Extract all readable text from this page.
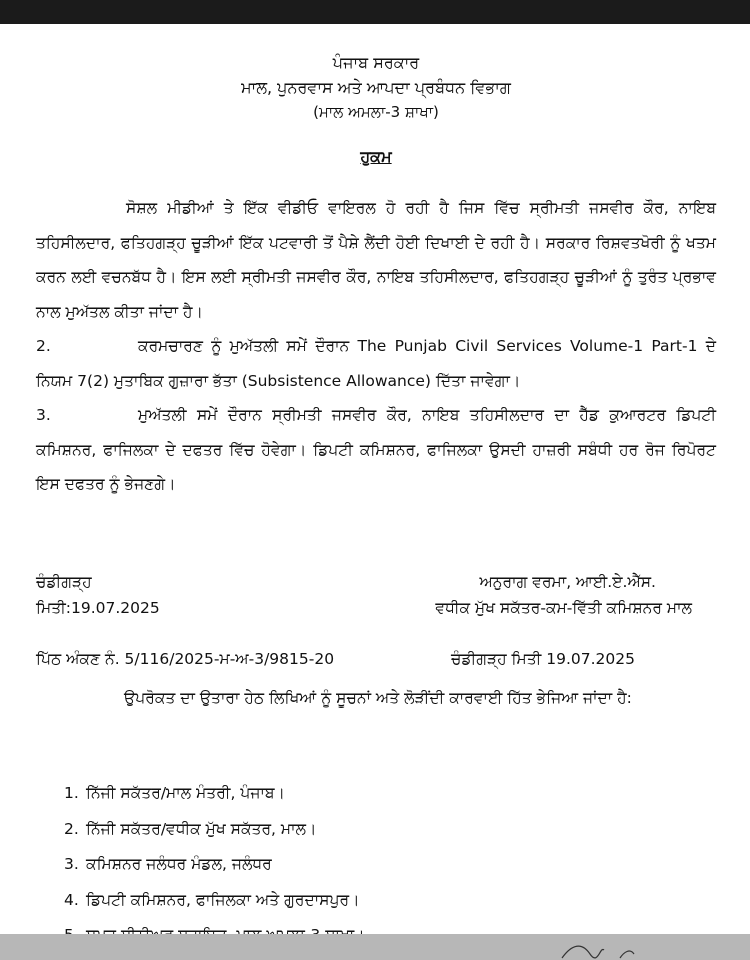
ਪੰਜਾਬ ਸਰਕਾਰ
ਮਾਲ, ਪੁਨਰਵਾਸ ਅਤੇ ਆਪਦਾ ਪ੍ਰਬੰਧਨ ਵਿਭਾਗ
(ਮਾਲ ਅਮਲਾ-3 ਸ਼ਾਖਾ)
ਹੁਕਮ
ਸੋਸ਼ਲ ਮੀਡੀਆਂ ਤੇ ਇੱਕ ਵੀਡੀਓ ਵਾਇਰਲ ਹੋ ਰਹੀ ਹੈ ਜਿਸ ਵਿੱਚ ਸ੍ਰੀਮਤੀ ਜਸਵੀਰ ਕੌਰ, ਨਾਇਬ ਤਹਿਸੀਲਦਾਰ, ਫਤਿਹਗੜ੍ਹ ਚੂੜੀਆਂ ਇੱਕ ਪਟਵਾਰੀ ਤੋਂ ਪੈਸ਼ੇ ਲੈਂਦੀ ਹੋਈ ਦਿਖਾਈ ਦੇ ਰਹੀ ਹੈ। ਸਰਕਾਰ ਰਿਸ਼ਵਤਖੋਰੀ ਨੂੰ ਖਤਮ ਕਰਨ ਲਈ ਵਚਨਬੱਧ ਹੈ। ਇਸ ਲਈ ਸ੍ਰੀਮਤੀ ਜਸਵੀਰ ਕੌਰ, ਨਾਇਬ ਤਹਿਸੀਲਦਾਰ, ਫਤਿਹਗੜ੍ਹ ਚੂੜੀਆਂ ਨੂੰ ਤੁਰੰਤ ਪ੍ਰਭਾਵ ਨਾਲ ਮੁਅੱਤਲ ਕੀਤਾ ਜਾਂਦਾ ਹੈ।
2.	ਕਰਮਚਾਰਣ ਨੂੰ ਮੁਅੱਤਲੀ ਸਮੇਂ ਦੌਰਾਨ The Punjab Civil Services Volume-1 Part-1 ਦੇ ਨਿਯਮ 7(2) ਮੁਤਾਬਿਕ ਗੁਜ਼ਾਰਾ ਭੱਤਾ (Subsistence Allowance) ਦਿੱਤਾ ਜਾਵੇਗਾ।
3.	ਮੁਅੱਤਲੀ ਸਮੇਂ ਦੌਰਾਨ ਸ੍ਰੀਮਤੀ ਜਸਵੀਰ ਕੌਰ, ਨਾਇਬ ਤਹਿਸੀਲਦਾਰ ਦਾ ਹੈੱਡ ਕੁਆਰਟਰ ਡਿਪਟੀ ਕਮਿਸ਼ਨਰ, ਫਾਜਿਲਕਾ ਦੇ ਦਫਤਰ ਵਿੱਚ ਹੋਵੇਗਾ। ਡਿਪਟੀ ਕਮਿਸ਼ਨਰ, ਫਾਜਿਲਕਾ ਉਸਦੀ ਹਾਜ਼ਰੀ ਸਬੰਧੀ ਹਰ ਰੋਜ ਰਿਪੋਰਟ ਇਸ ਦਫਤਰ ਨੂੰ ਭੇਜਣਗੇ।
ਚੰਡੀਗੜ੍ਹ	ਅਨੁਰਾਗ ਵਰਮਾ, ਆਈ.ਏ.ਐੱਸ.
ਮਿਤੀ:19.07.2025	ਵਧੀਕ ਮੁੱਖ ਸਕੱਤਰ-ਕਮ-ਵਿੱਤੀ ਕਮਿਸ਼ਨਰ ਮਾਲ
ਪਿੱਠ ਅੰਕਣ ਨੰ. 5/116/2025-ਮ-ਅ-3/9815-20	ਚੰਡੀਗੜ੍ਹ ਮਿਤੀ 19.07.2025
ਉਪਰੋਕਤ ਦਾ ਉਤਾਰਾ ਹੇਠ ਲਿਖਿਆਂ ਨੂੰ ਸੂਚਨਾਂ ਅਤੇ ਲੋੜੀਂਦੀ ਕਾਰਵਾਈ ਹਿੱਤ ਭੇਜਿਆ ਜਾਂਦਾ ਹੈ:
1. ਨਿੱਜੀ ਸਕੱਤਰ/ਮਾਲ ਮੰਤਰੀ, ਪੰਜਾਬ।
2. ਨਿੱਜੀ ਸਕੱਤਰ/ਵਧੀਕ ਮੁੱਖ ਸਕੱਤਰ, ਮਾਲ।
3. ਕਮਿਸ਼ਨਰ ਜਲੰਧਰ ਮੰਡਲ, ਜਲੰਧਰ
4. ਡਿਪਟੀ ਕਮਿਸ਼ਨਰ, ਫਾਜਿਲਕਾ ਅਤੇ ਗੁਰਦਾਸਪੁਰ।
